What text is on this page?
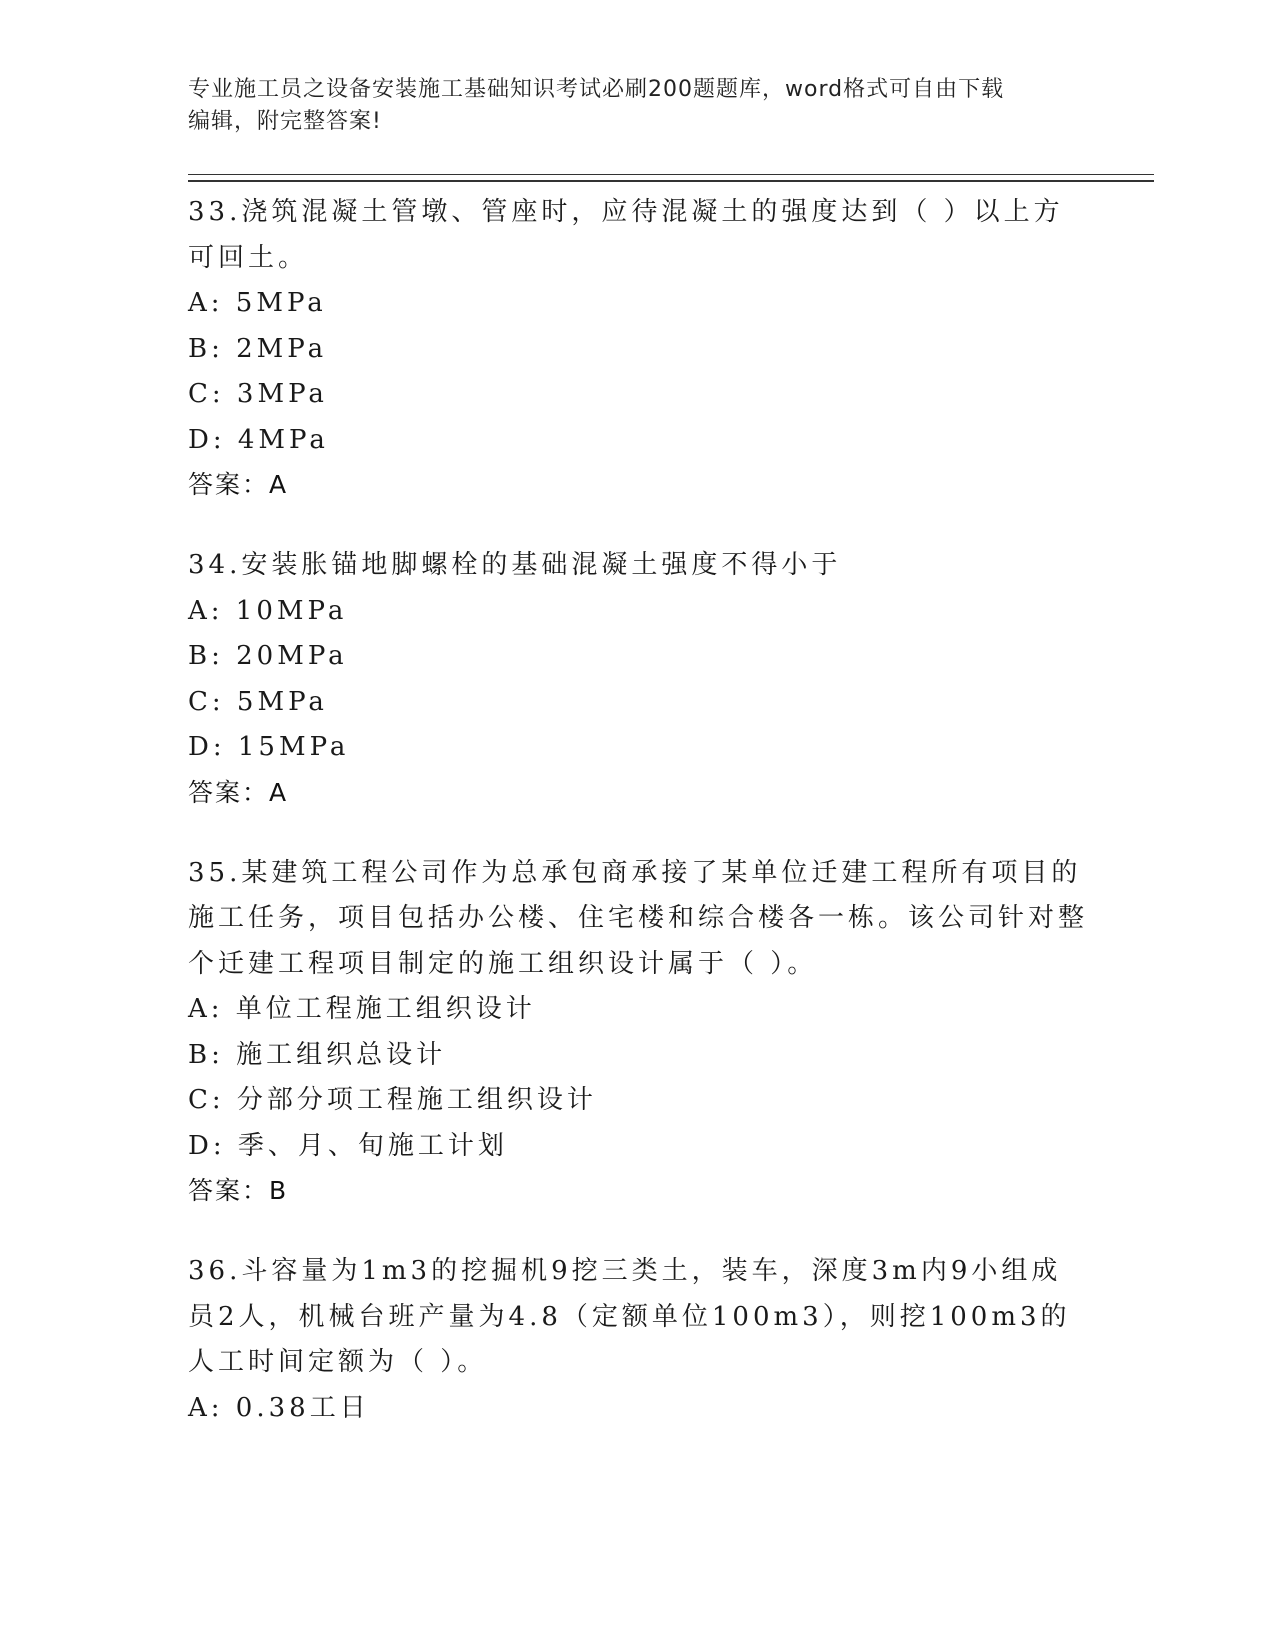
专业施工员之设备安装施工基础知识考试必刷200题题库，word格式可自由下载
编辑，附完整答案!
33.浇筑混凝土管墩、管座时，应待混凝土的强度达到（ ）以上方可回土。
A: 5MPa
B: 2MPa
C: 3MPa
D: 4MPa
答案：A
34.安装胀锚地脚螺栓的基础混凝土强度不得小于
A: 10MPa
B: 20MPa
C: 5MPa
D: 15MPa
答案：A
35.某建筑工程公司作为总承包商承接了某单位迁建工程所有项目的施工任务，项目包括办公楼、住宅楼和综合楼各一栋。该公司针对整个迁建工程项目制定的施工组织设计属于（ ）。
A: 单位工程施工组织设计
B: 施工组织总设计
C: 分部分项工程施工组织设计
D: 季、月、旬施工计划
答案：B
36.斗容量为1m3的挖掘机9挖三类土，装车，深度3m内9小组成员2人，机械台班产量为4.8（定额单位100m3），则挖100m3的人工时间定额为（ ）。
A: 0.38工日
